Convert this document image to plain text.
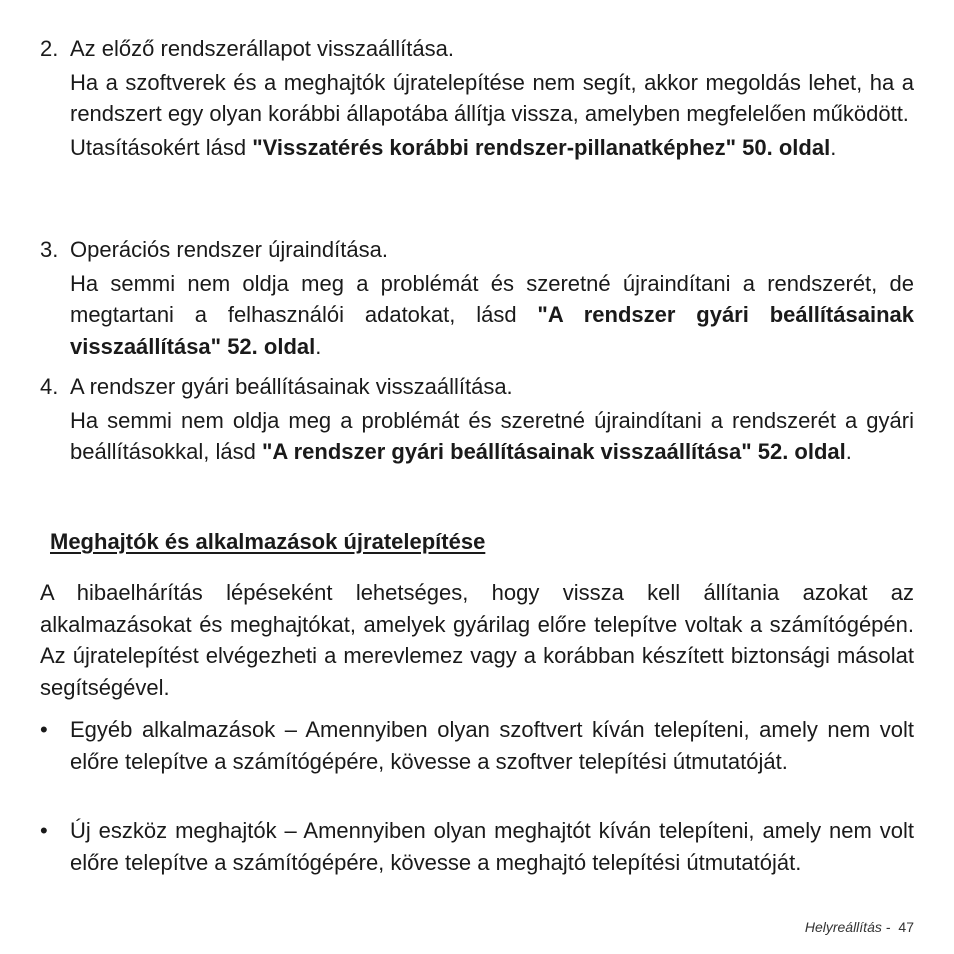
2. Az előző rendszerállapot visszaállítása.

Ha a szoftverek és a meghajtók újratelepítése nem segít, akkor megoldás lehet, ha a rendszert egy olyan korábbi állapotába állítja vissza, amelyben megfelelően működött.

Utasításokért lásd "Visszatérés korábbi rendszer-pillanatképhez" 50. oldal.

3. Operációs rendszer újraindítása.

Ha semmi nem oldja meg a problémát és szeretné újraindítani a rendszerét, de megtartani a felhasználói adatokat, lásd "A rendszer gyári beállításainak visszaállítása" 52. oldal.

4. A rendszer gyári beállításainak visszaállítása.

Ha semmi nem oldja meg a problémát és szeretné újraindítani a rendszerét a gyári beállításokkal, lásd "A rendszer gyári beállításainak visszaállítása" 52. oldal.

Meghajtók és alkalmazások újratelepítése

A hibaelhárítás lépéseként lehetséges, hogy vissza kell állítania azokat az alkalmazásokat és meghajtókat, amelyek gyárilag előre telepítve voltak a számítógépén. Az újratelepítést elvégezheti a merevlemez vagy a korábban készített biztonsági másolat segítségével.

• Egyéb alkalmazások – Amennyiben olyan szoftvert kíván telepíteni, amely nem volt előre telepítve a számítógépére, kövesse a szoftver telepítési útmutatóját.

• Új eszköz meghajtók – Amennyiben olyan meghajtót kíván telepíteni, amely nem volt előre telepítve a számítógépére, kövesse a meghajtó telepítési útmutatóját.

Helyreállítás - 47
